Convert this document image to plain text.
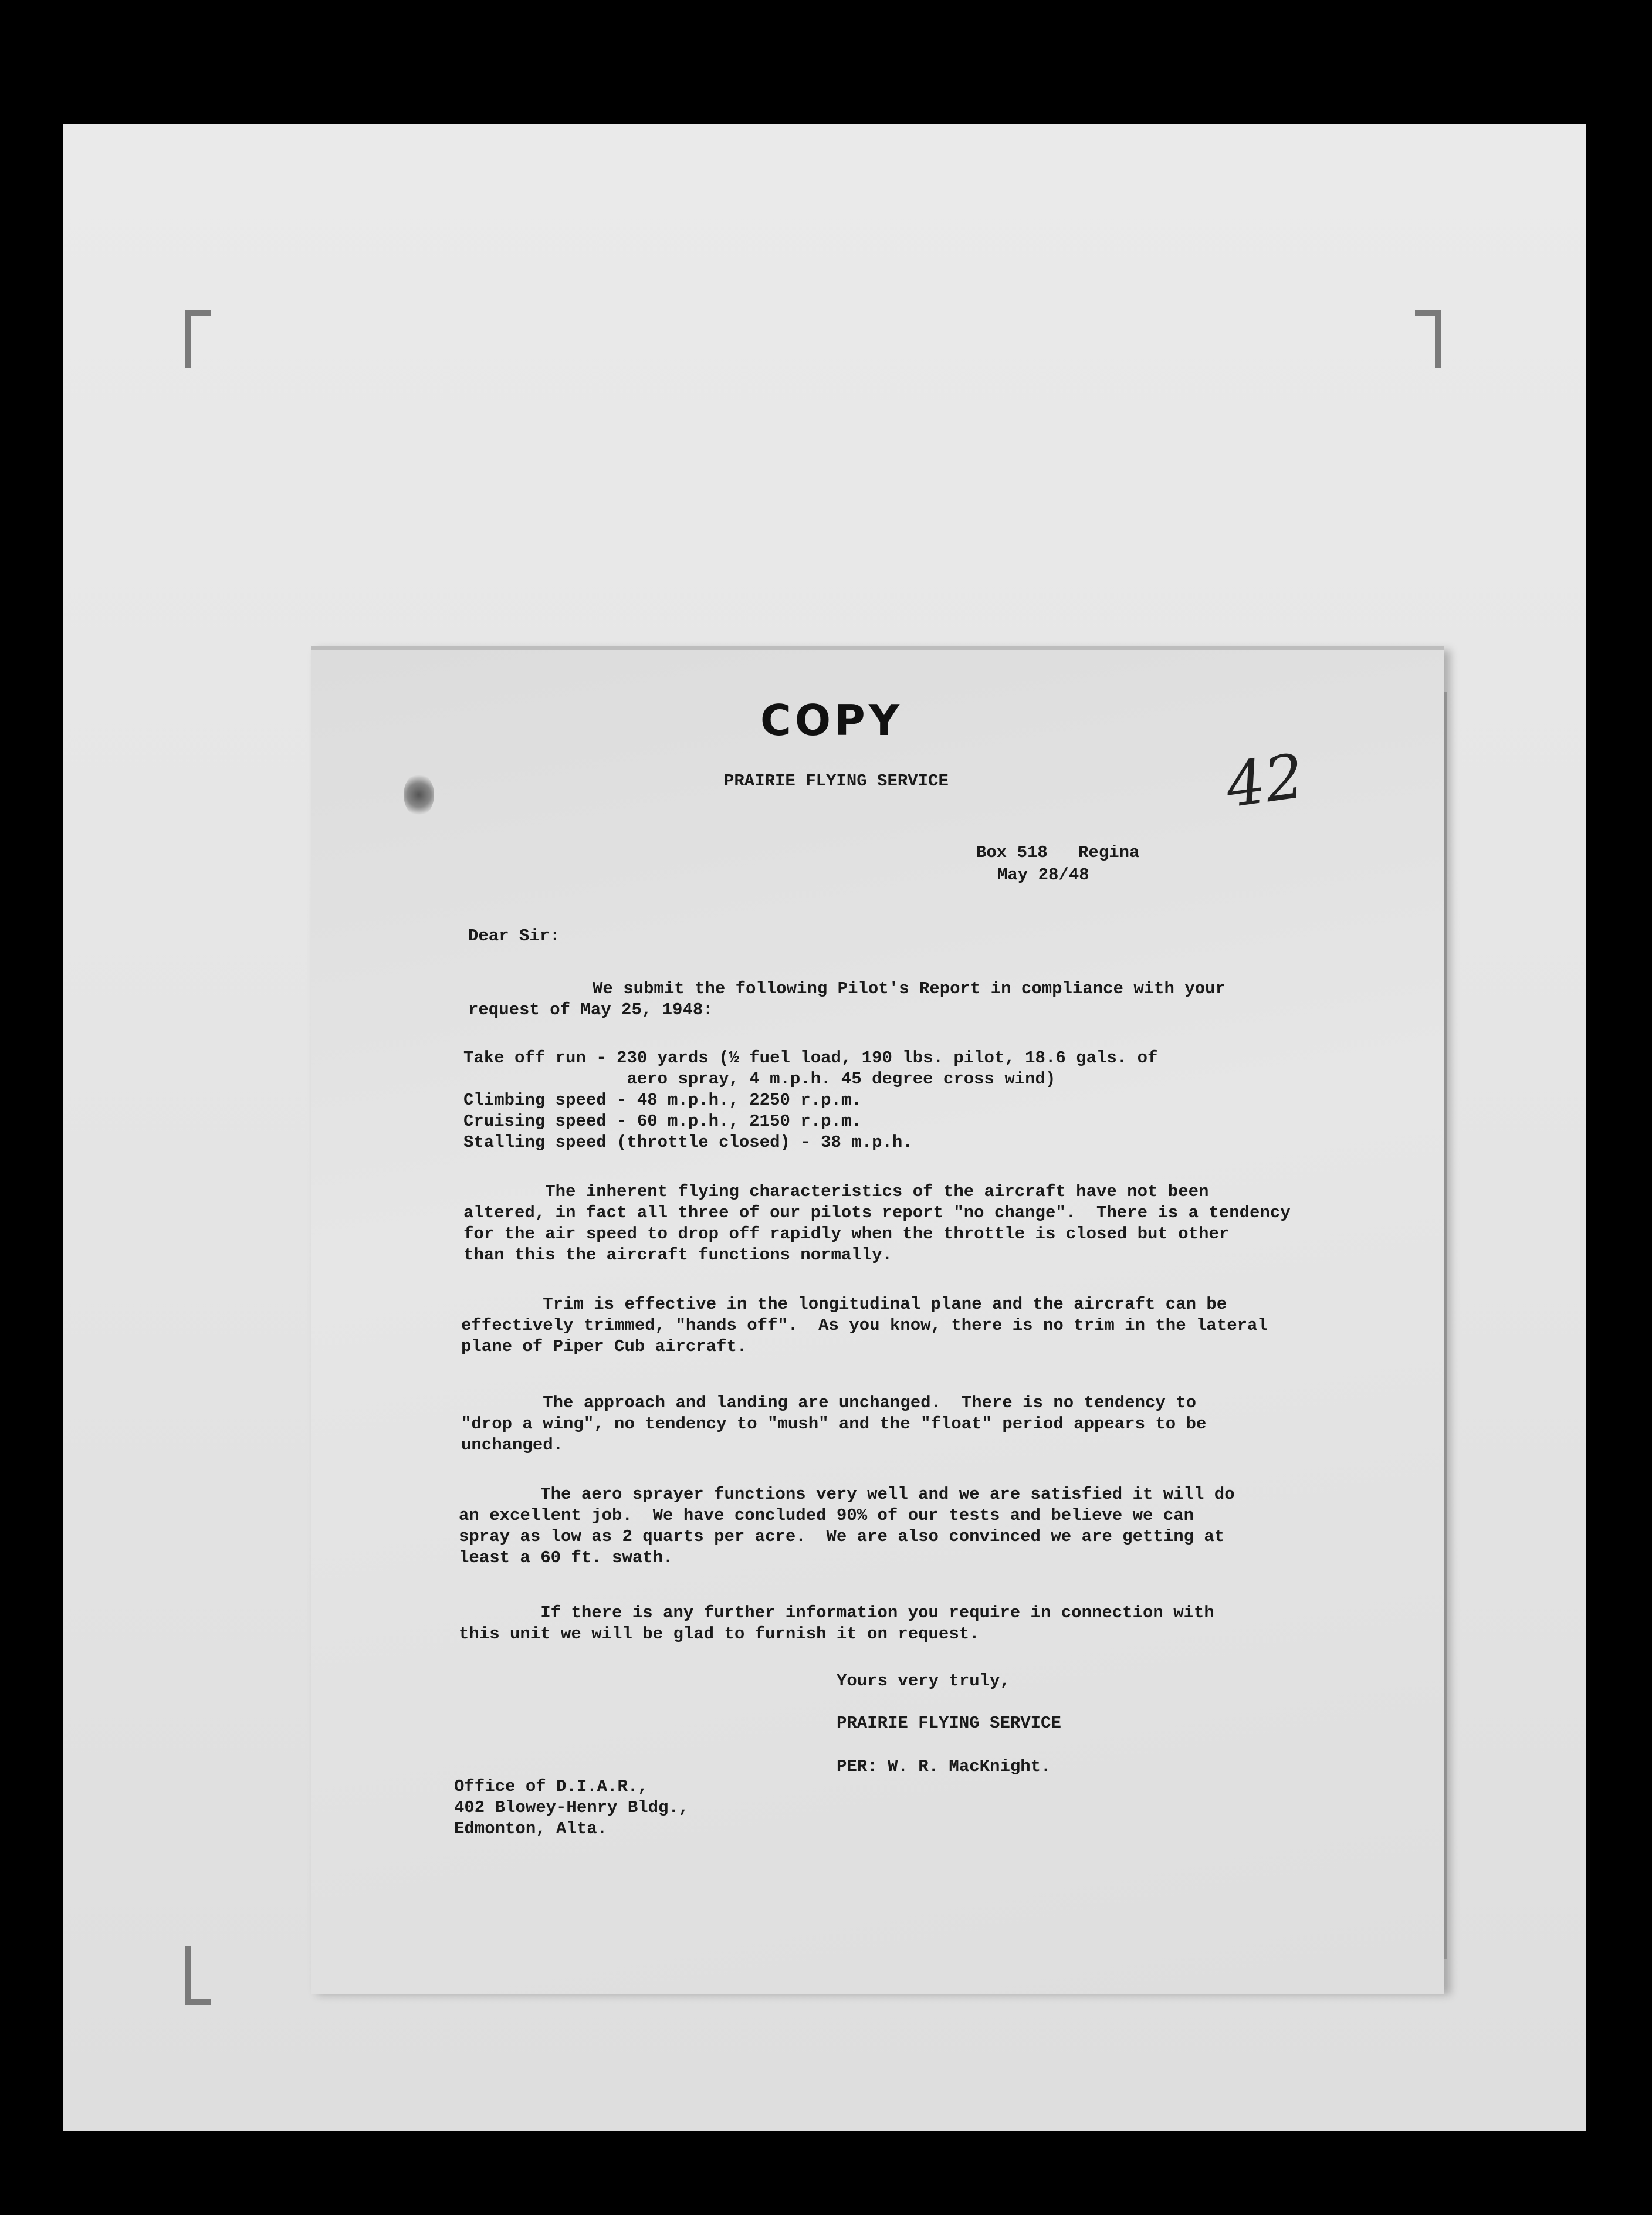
COPY
42
PRAIRIE FLYING SERVICE
Box 518   Regina
May 28/48
Dear Sir:
We submit the following Pilot's Report in compliance with your
request of May 25, 1948:
Take off run - 230 yards (½ fuel load, 190 lbs. pilot, 18.6 gals. of
aero spray, 4 m.p.h. 45 degree cross wind)
Climbing speed - 48 m.p.h., 2250 r.p.m.
Cruising speed - 60 m.p.h., 2150 r.p.m.
Stalling speed (throttle closed) - 38 m.p.h.
The inherent flying characteristics of the aircraft have not been
altered, in fact all three of our pilots report "no change".  There is a tendency
for the air speed to drop off rapidly when the throttle is closed but other
than this the aircraft functions normally.
Trim is effective in the longitudinal plane and the aircraft can be
effectively trimmed, "hands off".  As you know, there is no trim in the lateral
plane of Piper Cub aircraft.
The approach and landing are unchanged.  There is no tendency to
"drop a wing", no tendency to "mush" and the "float" period appears to be
unchanged.
The aero sprayer functions very well and we are satisfied it will do
an excellent job.  We have concluded 90% of our tests and believe we can
spray as low as 2 quarts per acre.  We are also convinced we are getting at
least a 60 ft. swath.
If there is any further information you require in connection with
this unit we will be glad to furnish it on request.
Yours very truly,
PRAIRIE FLYING SERVICE
PER: W. R. MacKnight.
Office of D.I.A.R.,
402 Blowey-Henry Bldg.,
Edmonton, Alta.
